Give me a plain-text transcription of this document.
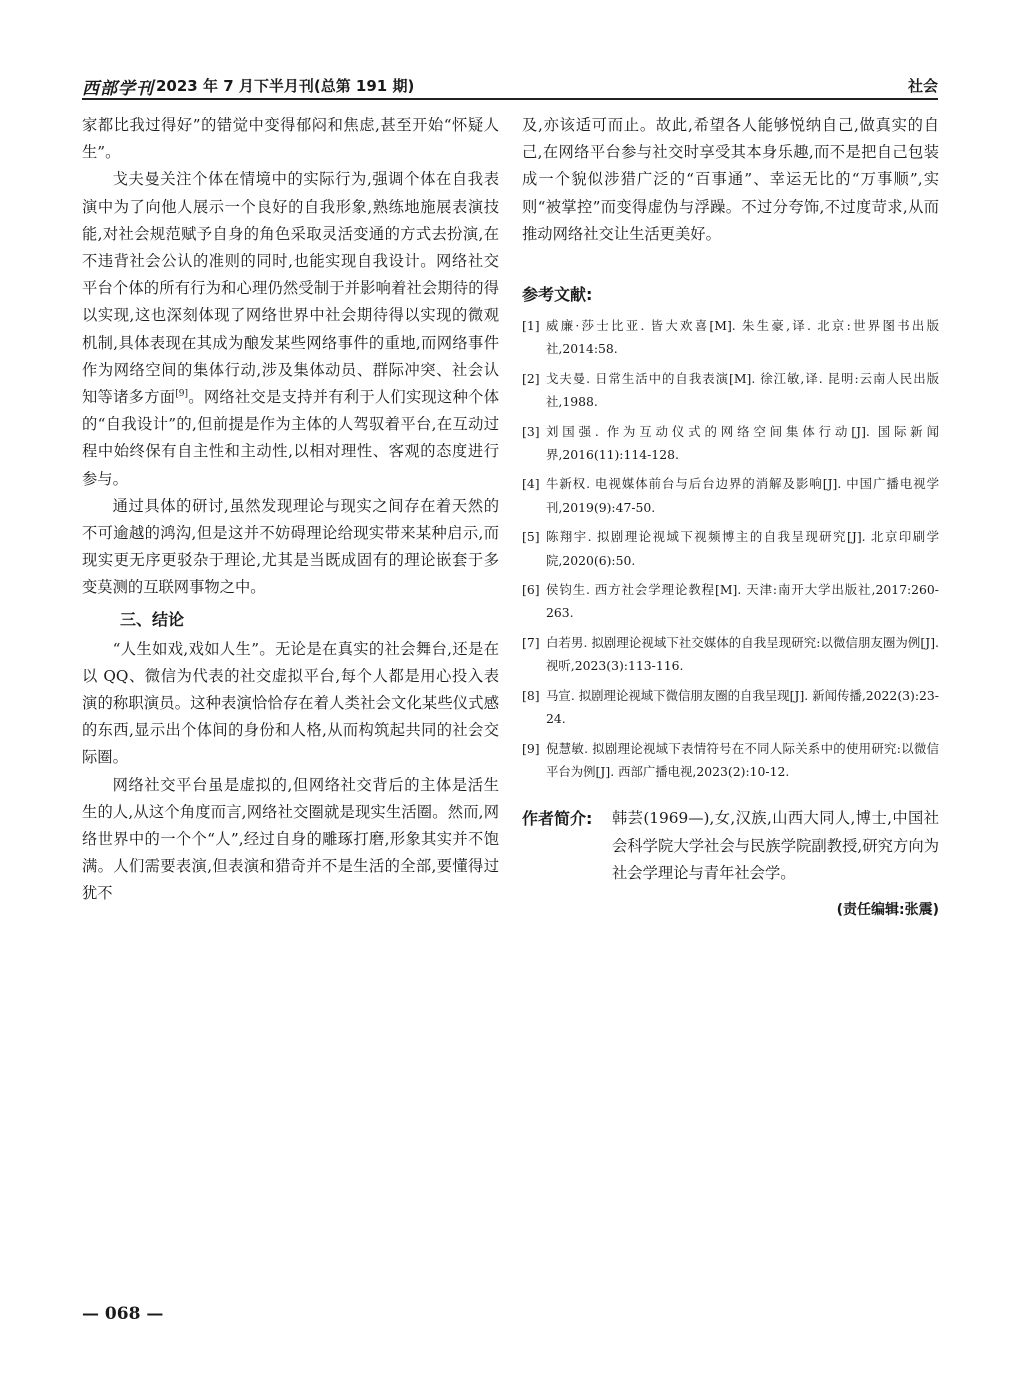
西部学刊 2023 年 7 月下半月刊(总第 191 期)	社会

家都比我过得好”的错觉中变得郁闷和焦虑,甚至开始“怀疑人生”。

戈夫曼关注个体在情境中的实际行为,强调个体在自我表演中为了向他人展示一个良好的自我形象,熟练地施展表演技能,对社会规范赋予自身的角色采取灵活变通的方式去扮演,在不违背社会公认的准则的同时,也能实现自我设计。网络社交平台个体的所有行为和心理仍然受制于并影响着社会期待的得以实现,这也深刻体现了网络世界中社会期待得以实现的微观机制,具体表现在其成为酿发某些网络事件的重地,而网络事件作为网络空间的集体行动,涉及集体动员、群际冲突、社会认知等诸多方面[9]。网络社交是支持并有利于人们实现这种个体的“自我设计”的,但前提是作为主体的人驾驭着平台,在互动过程中始终保有自主性和主动性,以相对理性、客观的态度进行参与。

通过具体的研讨,虽然发现理论与现实之间存在着天然的不可逾越的鸿沟,但是这并不妨碍理论给现实带来某种启示,而现实更无序更驳杂于理论,尤其是当既成固有的理论嵌套于多变莫测的互联网事物之中。

三、结论

“人生如戏,戏如人生”。无论是在真实的社会舞台,还是在以 QQ、微信为代表的社交虚拟平台,每个人都是用心投入表演的称职演员。这种表演恰恰存在着人类社会文化某些仪式感的东西,显示出个体间的身份和人格,从而构筑起共同的社会交际圈。

网络社交平台虽是虚拟的,但网络社交背后的主体是活生生的人,从这个角度而言,网络社交圈就是现实生活圈。然而,网络世界中的一个个“人”,经过自身的雕琢打磨,形象其实并不饱满。人们需要表演,但表演和猎奇并不是生活的全部,要懂得过犹不

及,亦该适可而止。故此,希望各人能够悦纳自己,做真实的自己,在网络平台参与社交时享受其本身乐趣,而不是把自己包装成一个貌似涉猎广泛的“百事通”、幸运无比的“万事顺”,实则“被掌控”而变得虚伪与浮躁。不过分夸饰,不过度苛求,从而推动网络社交让生活更美好。

参考文献:
[1] 威廉·莎士比亚. 皆大欢喜[M]. 朱生豪,译. 北京:世界图书出版社,2014:58.
[2] 戈夫曼. 日常生活中的自我表演[M]. 徐江敏,译. 昆明:云南人民出版社,1988.
[3] 刘国强. 作为互动仪式的网络空间集体行动[J]. 国际新闻界,2016(11):114-128.
[4] 牛新权. 电视媒体前台与后台边界的消解及影响[J]. 中国广播电视学刊,2019(9):47-50.
[5] 陈翔宇. 拟剧理论视域下视频博主的自我呈现研究[J]. 北京印刷学院,2020(6):50.
[6] 侯钧生. 西方社会学理论教程[M]. 天津:南开大学出版社,2017:260-263.
[7] 白若男. 拟剧理论视域下社交媒体的自我呈现研究:以微信朋友圈为例[J]. 视听,2023(3):113-116.
[8] 马宣. 拟剧理论视域下微信朋友圈的自我呈现[J]. 新闻传播,2022(3):23-24.
[9] 倪慧敏. 拟剧理论视域下表情符号在不同人际关系中的使用研究:以微信平台为例[J]. 西部广播电视,2023(2):10-12.
作者简介: 韩芸(1969—),女,汉族,山西大同人,博士,中国社会科学院大学社会与民族学院副教授,研究方向为社会学理论与青年社会学。
(责任编辑:张震)
— 068 —
